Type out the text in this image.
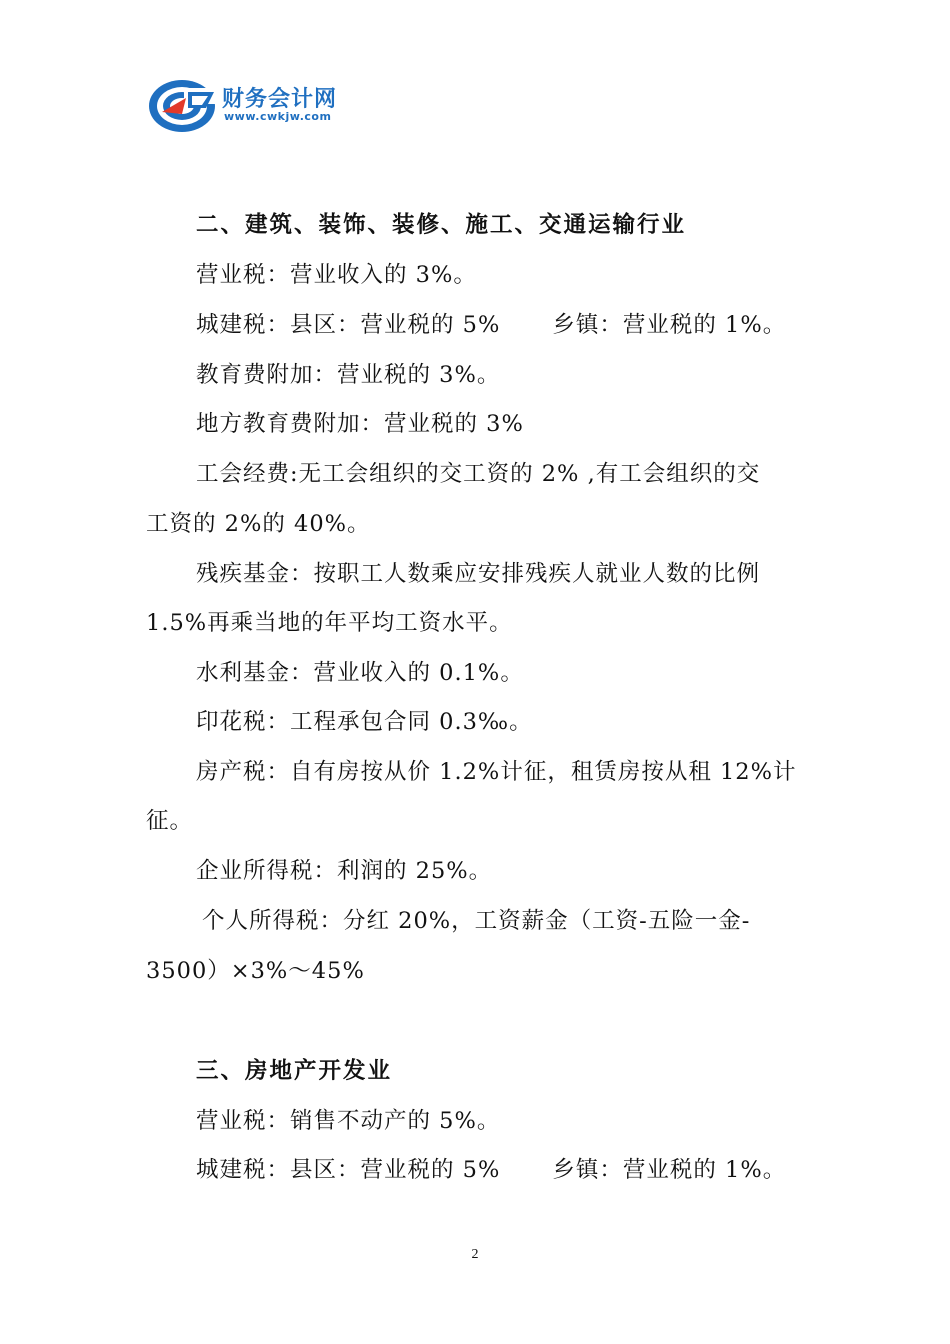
财务会计网
www.cwkjw.com
二、建筑、装饰、装修、施工、交通运输行业
营业税：营业收入的 3%。
城建税：县区：营业税的 5% 乡镇：营业税的 1%。
教育费附加：营业税的 3%。
地方教育费附加：营业税的 3%
工会经费:无工会组织的交工资的 2% ,有工会组织的交
工资的 2%的 40%。
残疾基金：按职工人数乘应安排残疾人就业人数的比例
1.5%再乘当地的年平均工资水平。
水利基金：营业收入的 0.1%。
印花税：工程承包合同 0.3‰。
房产税：自有房按从价 1.2%计征，租赁房按从租 12%计
征。
企业所得税：利润的 25%。
个人所得税：分红 20%，工资薪金（工资-五险一金-
3500）×3%～45%
三、房地产开发业
营业税：销售不动产的 5%。
城建税：县区：营业税的 5% 乡镇：营业税的 1%。
2
